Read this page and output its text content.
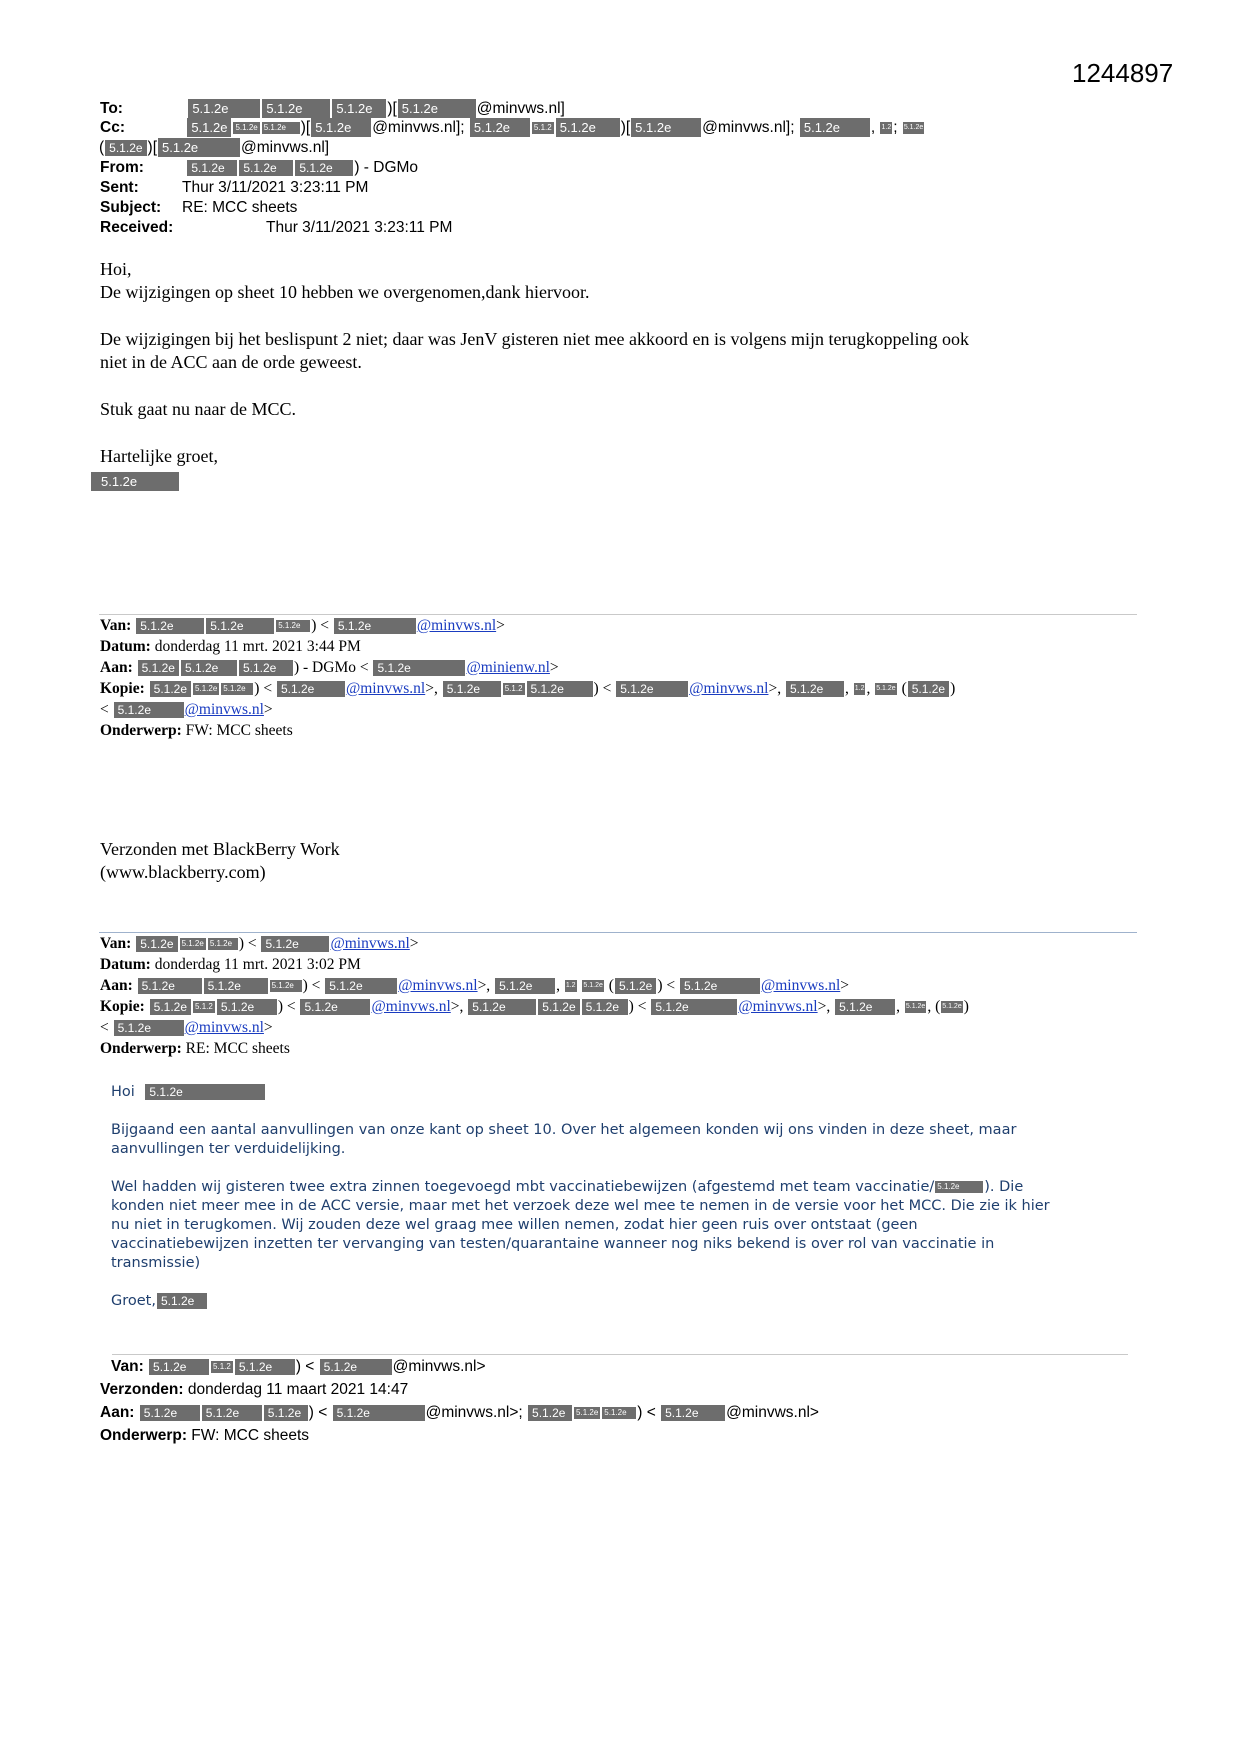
1244897
To:	5.1.2e	5.1.2e	5.1.2e )[ 5.1.2e	@minvws.nl]
Cc:	5.1.2e 5.1.2e 5.1.2e )[ 5.1.2e @minvws.nl]; 5.1.2e	5.1.2 5.1.2e )[ 5.1.2e @minvws.nl]; 5.1.2e , 1.2 ; 5.1.2e
( 5.1.2e )[ 5.1.2e	@minvws.nl]
From:	5.1.2e 5.1.2e 5.1.2e ) - DGMo
Sent:	Thur 3/11/2021 3:23:11 PM
Subject: RE: MCC sheets
Received:	Thur 3/11/2021 3:23:11 PM
Hoi,
De wijzigingen op sheet 10 hebben we overgenomen,dank hiervoor.
De wijzigingen bij het beslispunt 2 niet; daar was JenV gisteren niet mee akkoord en is volgens mijn terugkoppeling ook
niet in de ACC aan de orde geweest.
Stuk gaat nu naar de MCC.
Hartelijke groet,
5.1.2e
Van: 5.1.2e	5.1.2e	5.1.2e ) < 5.1.2e	@minvws.nl>
Datum: donderdag 11 mrt. 2021 3:44 PM
Aan: 5.1.2e 5.1.2e 5.1.2e ) - DGMo < 5.1.2e	@minienw.nl>
Kopie: 5.1.2e 5.1.2e 5.1.2e ) < 5.1.2e @minvws.nl>, 5.1.2e	5.1.2 5.1.2e ) < 5.1.2e @minvws.nl>, 5.1.2e , 1.2 , 5.1.2e ( 5.1.2e )
< 5.1.2e @minvws.nl>
Onderwerp: FW: MCC sheets
Verzonden met BlackBerry Work
(www.blackberry.com)
Van: 5.1.2e 5.1.2e 5.1.2e ) < 5.1.2e @minvws.nl>
Datum: donderdag 11 mrt. 2021 3:02 PM
Aan: 5.1.2e	5.1.2e	5.1.2e ) < 5.1.2e @minvws.nl>, 5.1.2e , 1.2 5.1.2e ( 5.1.2e ) < 5.1.2e	@minvws.nl>
Kopie: 5.1.2e 5.1.2 5.1.2e ) < 5.1.2e @minvws.nl>, 5.1.2e	5.1.2e 5.1.2e ) < 5.1.2e	@minvws.nl>, 5.1.2e , 5.1.2e , ( 5.1.2e )
< 5.1.2e @minvws.nl>
Onderwerp: RE: MCC sheets
Hoi 5.1.2e
Bijgaand een aantal aanvullingen van onze kant op sheet 10. Over het algemeen konden wij ons vinden in deze sheet, maar
aanvullingen ter verduidelijking.
Wel hadden wij gisteren twee extra zinnen toegevoegd mbt vaccinatiebewijzen (afgestemd met team vaccinatie/ 5.1.2e ). Die
konden niet meer mee in de ACC versie, maar met het verzoek deze wel mee te nemen in de versie voor het MCC. Die zie ik hier
nu niet in terugkomen. Wij zouden deze wel graag mee willen nemen, zodat hier geen ruis over ontstaat (geen
vaccinatiebewijzen inzetten ter vervanging van testen/quarantaine wanneer nog niks bekend is over rol van vaccinatie in
transmissie)
Groet, 5.1.2e
Van: 5.1.2e	5.1.2 5.1.2e ) < 5.1.2e @minvws.nl>
Verzonden: donderdag 11 maart 2021 14:47
Aan: 5.1.2e 5.1.2e 5.1.2e ) < 5.1.2e	@minvws.nl>; 5.1.2e 5.1.2e 5.1.2e ) < 5.1.2e @minvws.nl>
Onderwerp: FW: MCC sheets
